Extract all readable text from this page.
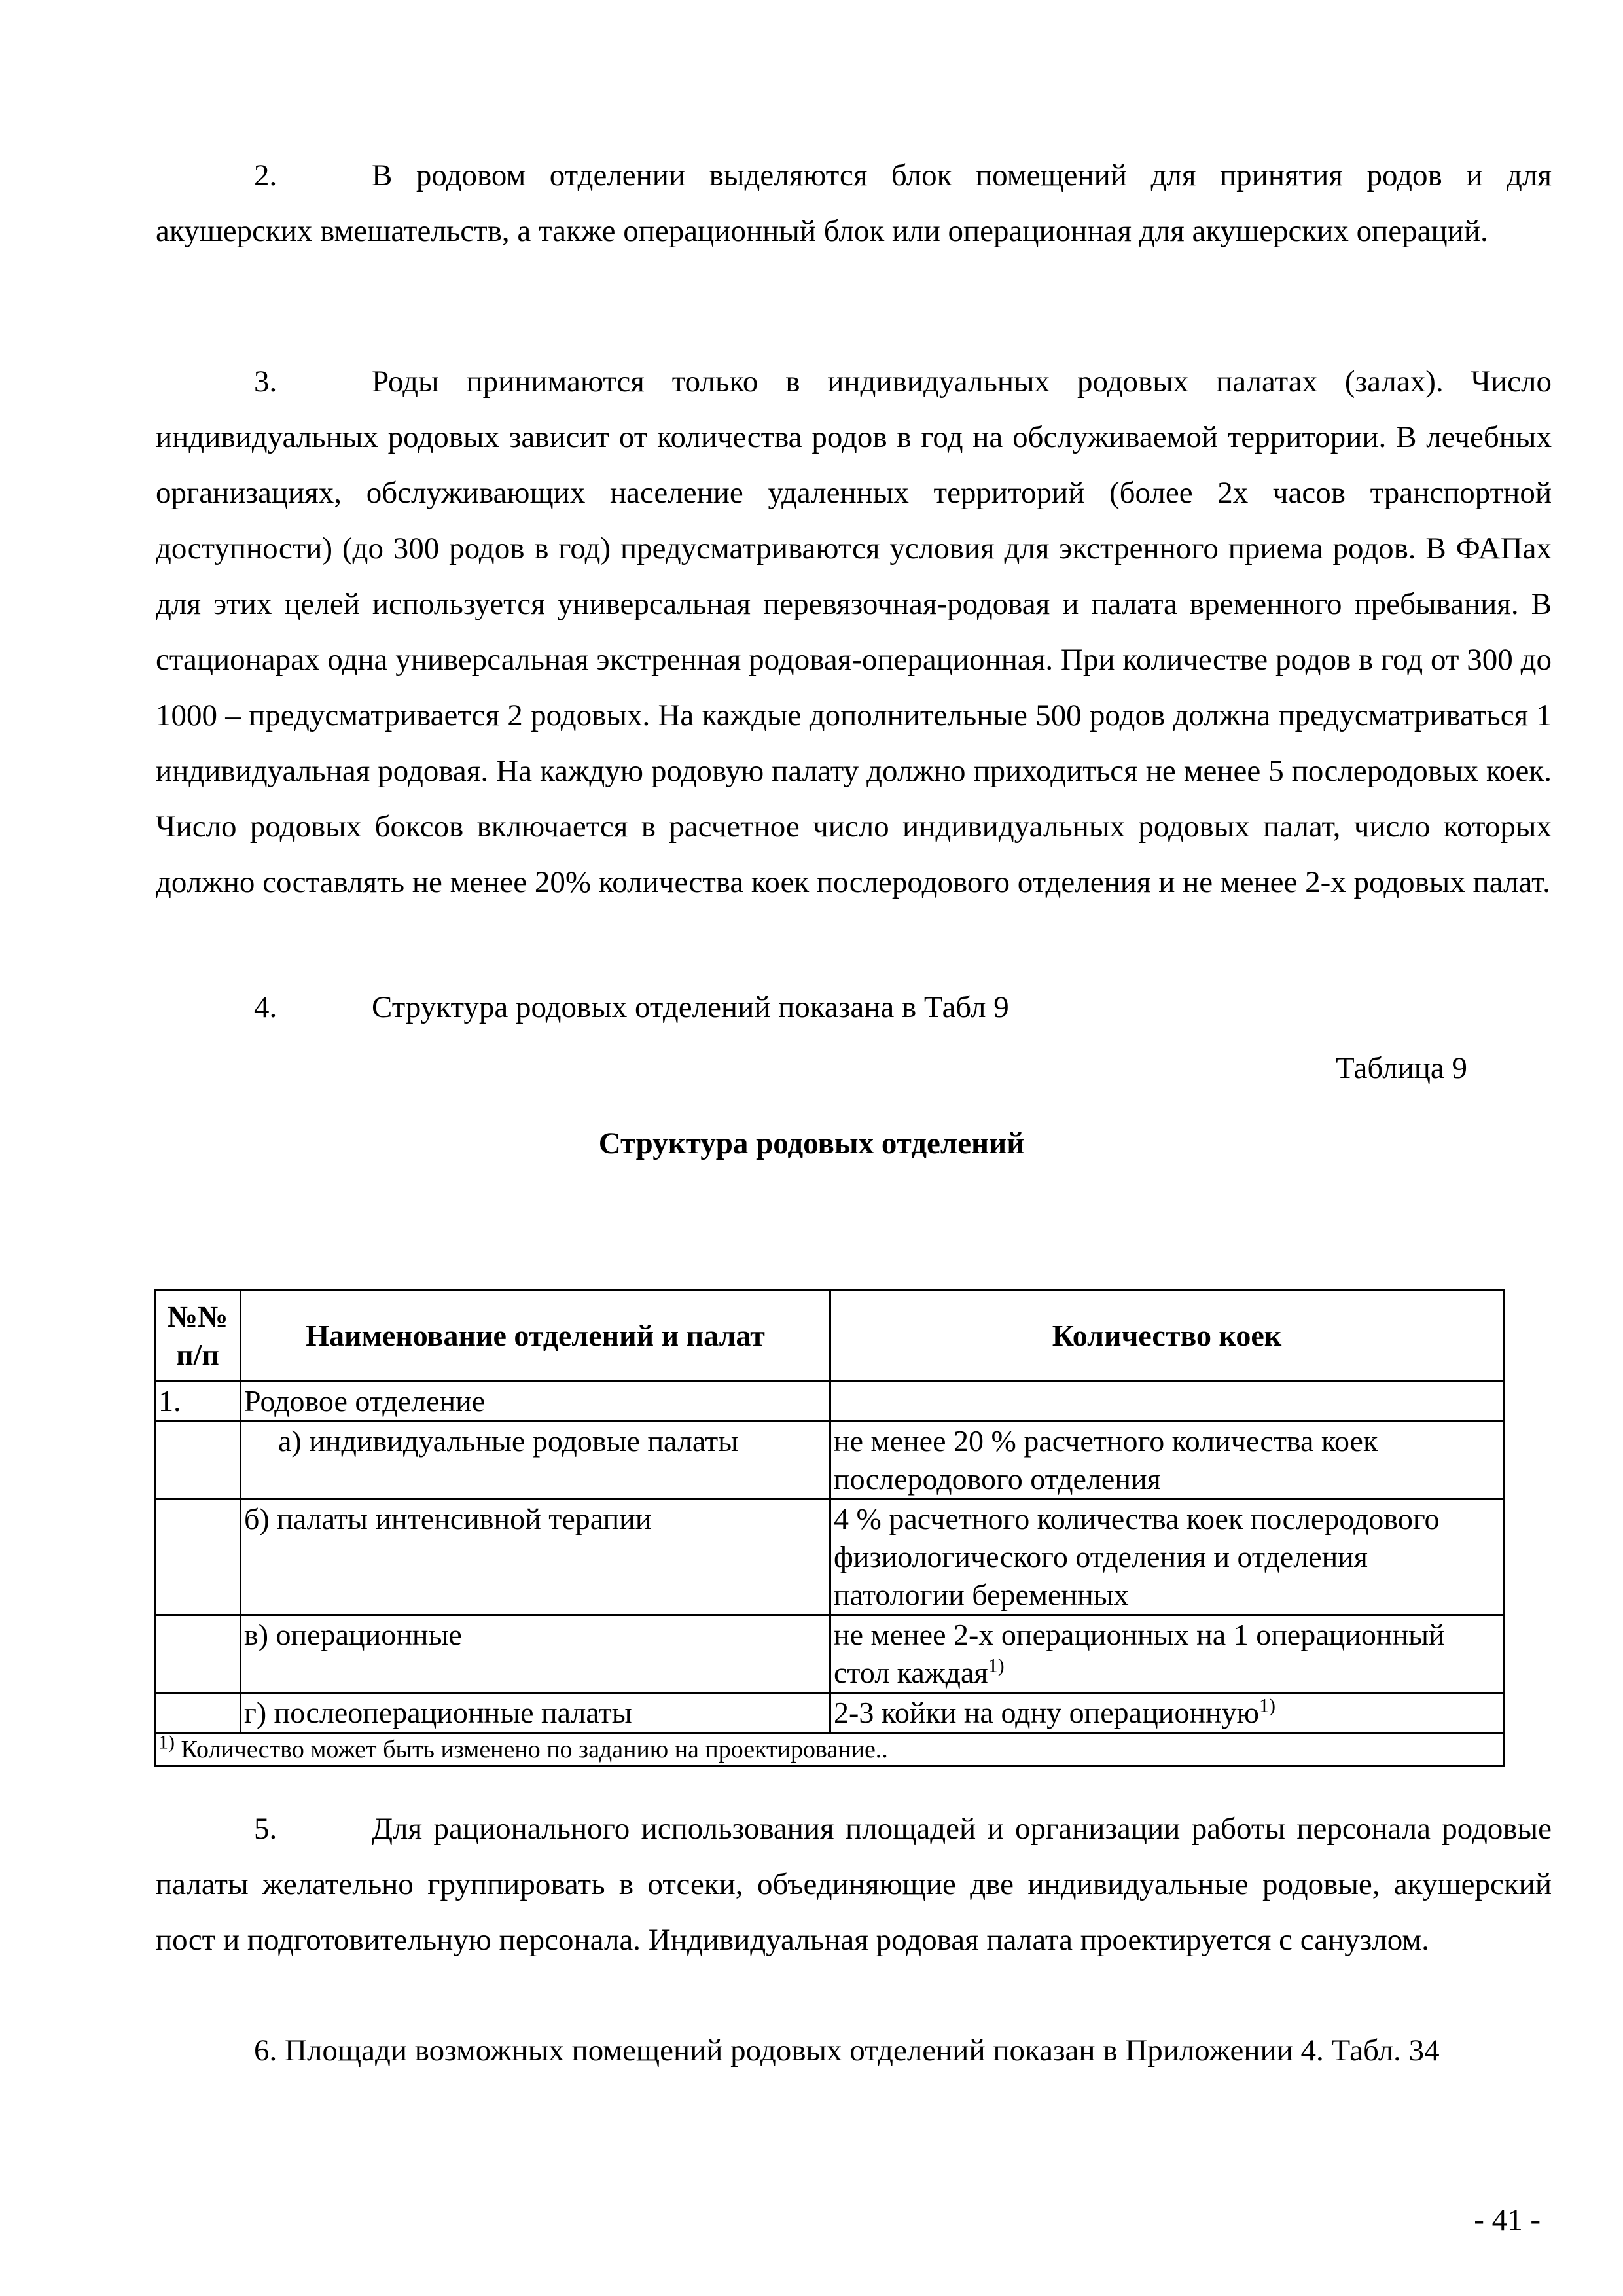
2.	В родовом отделении выделяются блок помещений для принятия родов и для акушерских вмешательств, а также операционный блок или операционная для акушерских операций.

3.	Роды принимаются только в индивидуальных родовых палатах (залах). Число индивидуальных родовых зависит от количества родов в год на обслуживаемой территории. В лечебных организациях, обслуживающих население удаленных территорий (более 2х часов транспортной доступности) (до 300 родов в год) предусматриваются условия для экстренного приема родов. В ФАПах для этих целей используется универсальная перевязочная-родовая и палата временного пребывания. В стационарах одна универсальная экстренная родовая-операционная. При количестве родов в год от 300 до 1000 – предусматривается 2 родовых. На каждые дополнительные 500 родов должна предусматриваться 1 индивидуальная родовая. На каждую родовую палату должно приходиться не менее 5 послеродовых коек. Число родовых боксов включается в расчетное число индивидуальных родовых палат, число которых должно составлять не менее 20% количества коек послеродового отделения и не менее 2-х родовых палат.

4.	Структура родовых отделений показана в Табл 9

Таблица 9
Структура родовых отделений
№№ п/п	Наименование отделений и палат	Количество коек
1.	Родовое отделение	
	а) индивидуальные родовые палаты	не менее 20 % расчетного количества коек послеродового отделения
	б) палаты интенсивной терапии	4 % расчетного количества коек послеродового физиологического отделения и отделения патологии беременных
	в) операционные	не менее 2-х операционных на 1 операционный стол каждая$^{1)}$
	г) послеоперационные палаты	2-3 койки на одну операционную$^{1)}$
$^{1)}$ Количество может быть изменено по заданию на проектирование..		

5.	Для рационального использования площадей и организации работы персонала родовые палаты желательно группировать в отсеки, объединяющие две индивидуальные родовые, акушерский пост и подготовительную персонала. Индивидуальная родовая палата проектируется с санузлом.

6. Площади возможных помещений родовых отделений показан в Приложении 4. Табл. 34

- 41 -
